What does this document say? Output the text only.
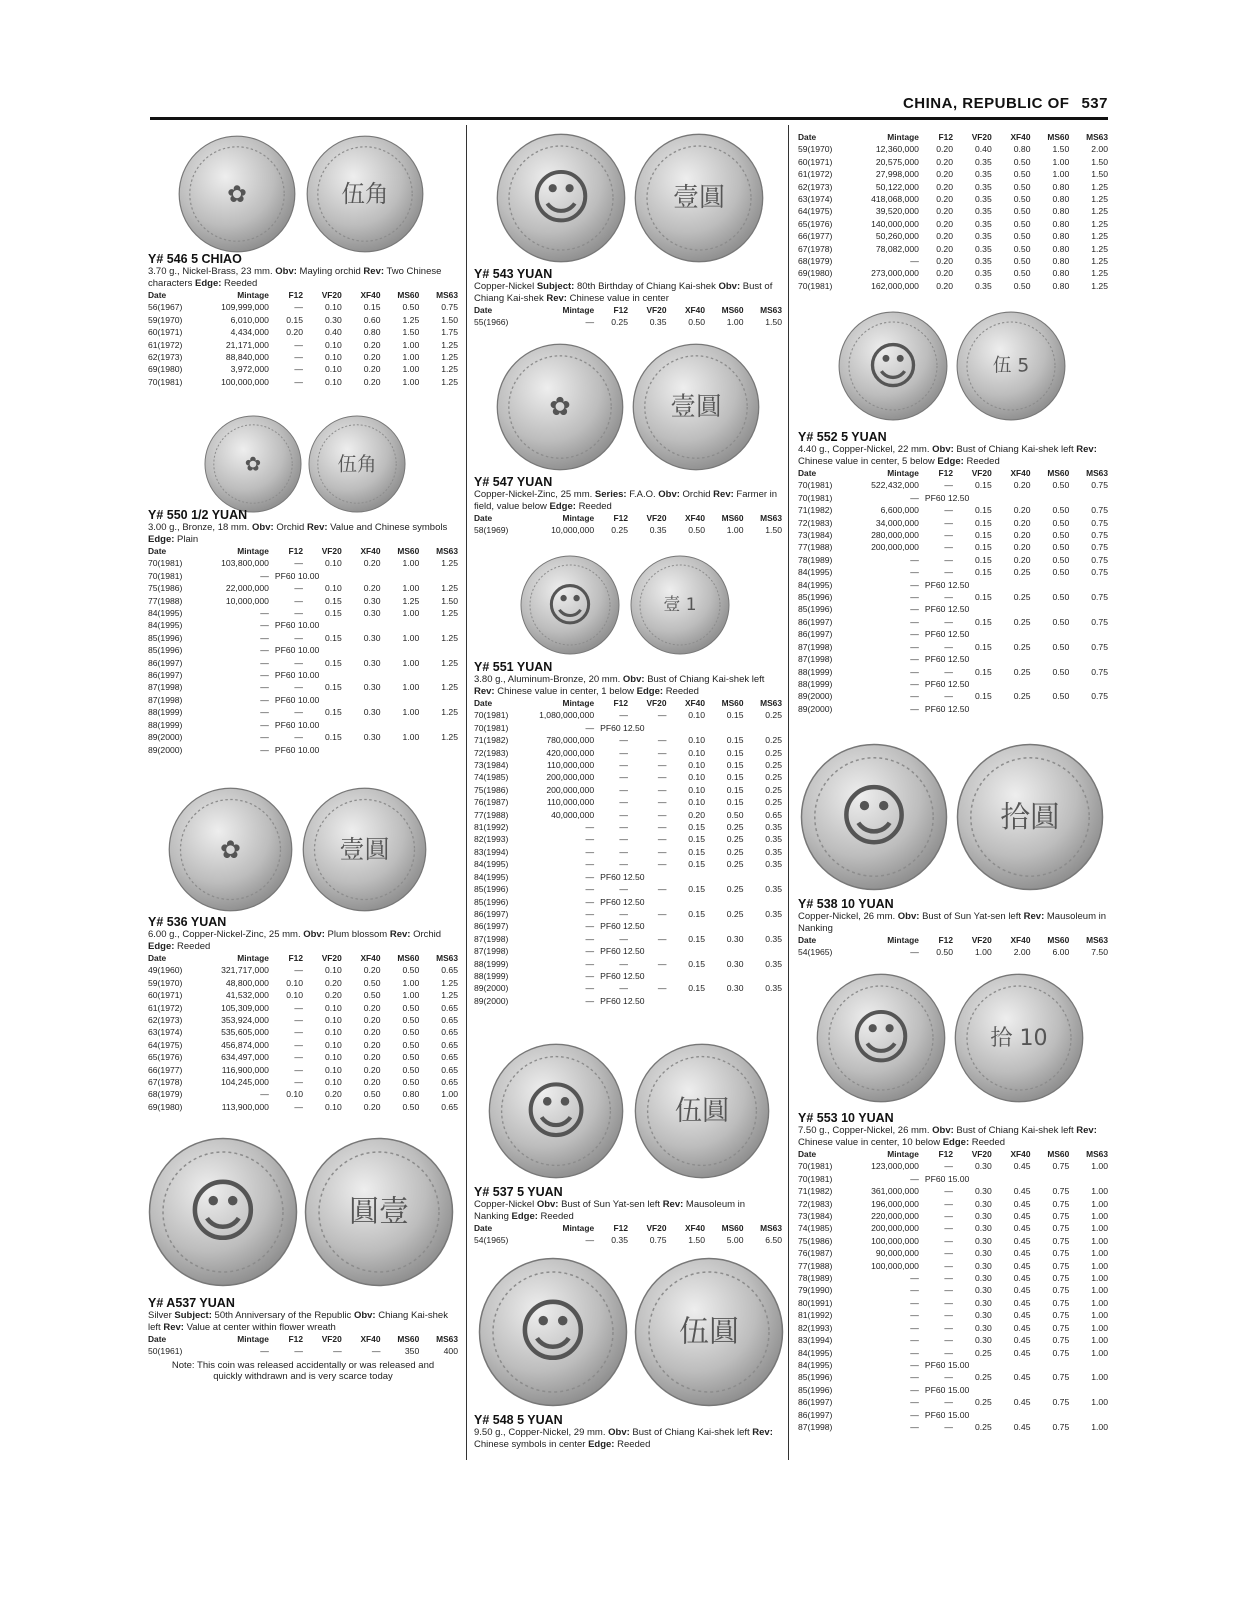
CHINA, REPUBLIC OF 537
✿	伍角
Y# 546 5 CHIAO
3.70 g., Nickel-Brass, 23 mm. Obv: Mayling orchid Rev: Two Chinese characters Edge: Reeded
Date	Mintage	F12	VF20	XF40	MS60	MS63
56(1967)	109,999,000	—	0.10	0.15	0.50	0.75
59(1970)	6,010,000	0.15	0.30	0.60	1.25	1.50
60(1971)	4,434,000	0.20	0.40	0.80	1.50	1.75
61(1972)	21,171,000	—	0.10	0.20	1.00	1.25
62(1973)	88,840,000	—	0.10	0.20	1.00	1.25
69(1980)	3,972,000	—	0.10	0.20	1.00	1.25
70(1981)	100,000,000	—	0.10	0.20	1.00	1.25
✿	伍角
Y# 550 1/2 YUAN
3.00 g., Bronze, 18 mm. Obv: Orchid Rev: Value and Chinese symbols Edge: Plain
Date	Mintage	F12	VF20	XF40	MS60	MS63
70(1981)	103,800,000	—	0.10	0.20	1.00	1.25
70(1981)	—	PF60 10.00				
75(1986)	22,000,000	—	0.10	0.20	1.00	1.25
77(1988)	10,000,000	—	0.15	0.30	1.25	1.50
84(1995)	—	—	0.15	0.30	1.00	1.25
84(1995)	—	PF60 10.00				
85(1996)	—	—	0.15	0.30	1.00	1.25
85(1996)	—	PF60 10.00				
86(1997)	—	—	0.15	0.30	1.00	1.25
86(1997)	—	PF60 10.00				
87(1998)	—	—	0.15	0.30	1.00	1.25
87(1998)	—	PF60 10.00				
88(1999)	—	—	0.15	0.30	1.00	1.25
88(1999)	—	PF60 10.00				
89(2000)	—	—	0.15	0.30	1.00	1.25
89(2000)	—	PF60 10.00				
✿	壹圓
Y# 536 YUAN
6.00 g., Copper-Nickel-Zinc, 25 mm. Obv: Plum blossom Rev: Orchid Edge: Reeded
Date	Mintage	F12	VF20	XF40	MS60	MS63
49(1960)	321,717,000	—	0.10	0.20	0.50	0.65
59(1970)	48,800,000	0.10	0.20	0.50	1.00	1.25
60(1971)	41,532,000	0.10	0.20	0.50	1.00	1.25
61(1972)	105,309,000	—	0.10	0.20	0.50	0.65
62(1973)	353,924,000	—	0.10	0.20	0.50	0.65
63(1974)	535,605,000	—	0.10	0.20	0.50	0.65
64(1975)	456,874,000	—	0.10	0.20	0.50	0.65
65(1976)	634,497,000	—	0.10	0.20	0.50	0.65
66(1977)	116,900,000	—	0.10	0.20	0.50	0.65
67(1978)	104,245,000	—	0.10	0.20	0.50	0.65
68(1979)	—	0.10	0.20	0.50	0.80	1.00
69(1980)	113,900,000	—	0.10	0.20	0.50	0.65
☺	圓壹
Y# A537 YUAN
Silver Subject: 50th Anniversary of the Republic Obv: Chiang Kai-shek left Rev: Value at center within flower wreath
Date	Mintage	F12	VF20	XF40	MS60	MS63
50(1961)	—	—	—	—	350	400
Note: This coin was released accidentally or was released and quickly withdrawn and is very scarce today
☺	壹圓
Y# 543 YUAN
Copper-Nickel Subject: 80th Birthday of Chiang Kai-shek Obv: Bust of Chiang Kai-shek Rev: Chinese value in center
Date	Mintage	F12	VF20	XF40	MS60	MS63
55(1966)	—	0.25	0.35	0.50	1.00	1.50
✿	壹圓
Y# 547 YUAN
Copper-Nickel-Zinc, 25 mm. Series: F.A.O. Obv: Orchid Rev: Farmer in field, value below Edge: Reeded
Date	Mintage	F12	VF20	XF40	MS60	MS63
58(1969)	10,000,000	0.25	0.35	0.50	1.00	1.50
☺	壹 1
Y# 551 YUAN
3.80 g., Aluminum-Bronze, 20 mm. Obv: Bust of Chiang Kai-shek left Rev: Chinese value in center, 1 below Edge: Reeded
Date	Mintage	F12	VF20	XF40	MS60	MS63
70(1981)	1,080,000,000	—	—	0.10	0.15	0.25
70(1981)	—	PF60 12.50				
71(1982)	780,000,000	—	—	0.10	0.15	0.25
72(1983)	420,000,000	—	—	0.10	0.15	0.25
73(1984)	110,000,000	—	—	0.10	0.15	0.25
74(1985)	200,000,000	—	—	0.10	0.15	0.25
75(1986)	200,000,000	—	—	0.10	0.15	0.25
76(1987)	110,000,000	—	—	0.10	0.15	0.25
77(1988)	40,000,000	—	—	0.20	0.50	0.65
81(1992)	—	—	—	0.15	0.25	0.35
82(1993)	—	—	—	0.15	0.25	0.35
83(1994)	—	—	—	0.15	0.25	0.35
84(1995)	—	—	—	0.15	0.25	0.35
84(1995)	—	PF60 12.50				
85(1996)	—	—	—	0.15	0.25	0.35
85(1996)	—	PF60 12.50				
86(1997)	—	—	—	0.15	0.25	0.35
86(1997)	—	PF60 12.50				
87(1998)	—	—	—	0.15	0.30	0.35
87(1998)	—	PF60 12.50				
88(1999)	—	—	—	0.15	0.30	0.35
88(1999)	—	PF60 12.50				
89(2000)	—	—	—	0.15	0.30	0.35
89(2000)	—	PF60 12.50				
☺	伍圓
Y# 537 5 YUAN
Copper-Nickel Obv: Bust of Sun Yat-sen left Rev: Mausoleum in Nanking Edge: Reeded
Date	Mintage	F12	VF20	XF40	MS60	MS63
54(1965)	—	0.35	0.75	1.50	5.00	6.50
☺	伍圓
Y# 548 5 YUAN
9.50 g., Copper-Nickel, 29 mm. Obv: Bust of Chiang Kai-shek left Rev: Chinese symbols in center Edge: Reeded
Date	Mintage	F12	VF20	XF40	MS60	MS63
59(1970)	12,360,000	0.20	0.40	0.80	1.50	2.00
60(1971)	20,575,000	0.20	0.35	0.50	1.00	1.50
61(1972)	27,998,000	0.20	0.35	0.50	1.00	1.50
62(1973)	50,122,000	0.20	0.35	0.50	0.80	1.25
63(1974)	418,068,000	0.20	0.35	0.50	0.80	1.25
64(1975)	39,520,000	0.20	0.35	0.50	0.80	1.25
65(1976)	140,000,000	0.20	0.35	0.50	0.80	1.25
66(1977)	50,260,000	0.20	0.35	0.50	0.80	1.25
67(1978)	78,082,000	0.20	0.35	0.50	0.80	1.25
68(1979)	—	0.20	0.35	0.50	0.80	1.25
69(1980)	273,000,000	0.20	0.35	0.50	0.80	1.25
70(1981)	162,000,000	0.20	0.35	0.50	0.80	1.25
☺	伍 5
Y# 552 5 YUAN
4.40 g., Copper-Nickel, 22 mm. Obv: Bust of Chiang Kai-shek left Rev: Chinese value in center, 5 below Edge: Reeded
Date	Mintage	F12	VF20	XF40	MS60	MS63
70(1981)	522,432,000	—	0.15	0.20	0.50	0.75
70(1981)	—	PF60 12.50				
71(1982)	6,600,000	—	0.15	0.20	0.50	0.75
72(1983)	34,000,000	—	0.15	0.20	0.50	0.75
73(1984)	280,000,000	—	0.15	0.20	0.50	0.75
77(1988)	200,000,000	—	0.15	0.20	0.50	0.75
78(1989)	—	—	0.15	0.20	0.50	0.75
84(1995)	—	—	0.15	0.25	0.50	0.75
84(1995)	—	PF60 12.50				
85(1996)	—	—	0.15	0.25	0.50	0.75
85(1996)	—	PF60 12.50				
86(1997)	—	—	0.15	0.25	0.50	0.75
86(1997)	—	PF60 12.50				
87(1998)	—	—	0.15	0.25	0.50	0.75
87(1998)	—	PF60 12.50				
88(1999)	—	—	0.15	0.25	0.50	0.75
88(1999)	—	PF60 12.50				
89(2000)	—	—	0.15	0.25	0.50	0.75
89(2000)	—	PF60 12.50				
☺	拾圓
Y# 538 10 YUAN
Copper-Nickel, 26 mm. Obv: Bust of Sun Yat-sen left Rev: Mausoleum in Nanking
Date	Mintage	F12	VF20	XF40	MS60	MS63
54(1965)	—	0.50	1.00	2.00	6.00	7.50
☺	拾 10
Y# 553 10 YUAN
7.50 g., Copper-Nickel, 26 mm. Obv: Bust of Chiang Kai-shek left Rev: Chinese value in center, 10 below Edge: Reeded
Date	Mintage	F12	VF20	XF40	MS60	MS63
70(1981)	123,000,000	—	0.30	0.45	0.75	1.00
70(1981)	—	PF60 15.00				
71(1982)	361,000,000	—	0.30	0.45	0.75	1.00
72(1983)	196,000,000	—	0.30	0.45	0.75	1.00
73(1984)	220,000,000	—	0.30	0.45	0.75	1.00
74(1985)	200,000,000	—	0.30	0.45	0.75	1.00
75(1986)	100,000,000	—	0.30	0.45	0.75	1.00
76(1987)	90,000,000	—	0.30	0.45	0.75	1.00
77(1988)	100,000,000	—	0.30	0.45	0.75	1.00
78(1989)	—	—	0.30	0.45	0.75	1.00
79(1990)	—	—	0.30	0.45	0.75	1.00
80(1991)	—	—	0.30	0.45	0.75	1.00
81(1992)	—	—	0.30	0.45	0.75	1.00
82(1993)	—	—	0.30	0.45	0.75	1.00
83(1994)	—	—	0.30	0.45	0.75	1.00
84(1995)	—	—	0.25	0.45	0.75	1.00
84(1995)	—	PF60 15.00				
85(1996)	—	—	0.25	0.45	0.75	1.00
85(1996)	—	PF60 15.00				
86(1997)	—	—	0.25	0.45	0.75	1.00
86(1997)	—	PF60 15.00				
87(1998)	—	—	0.25	0.45	0.75	1.00
